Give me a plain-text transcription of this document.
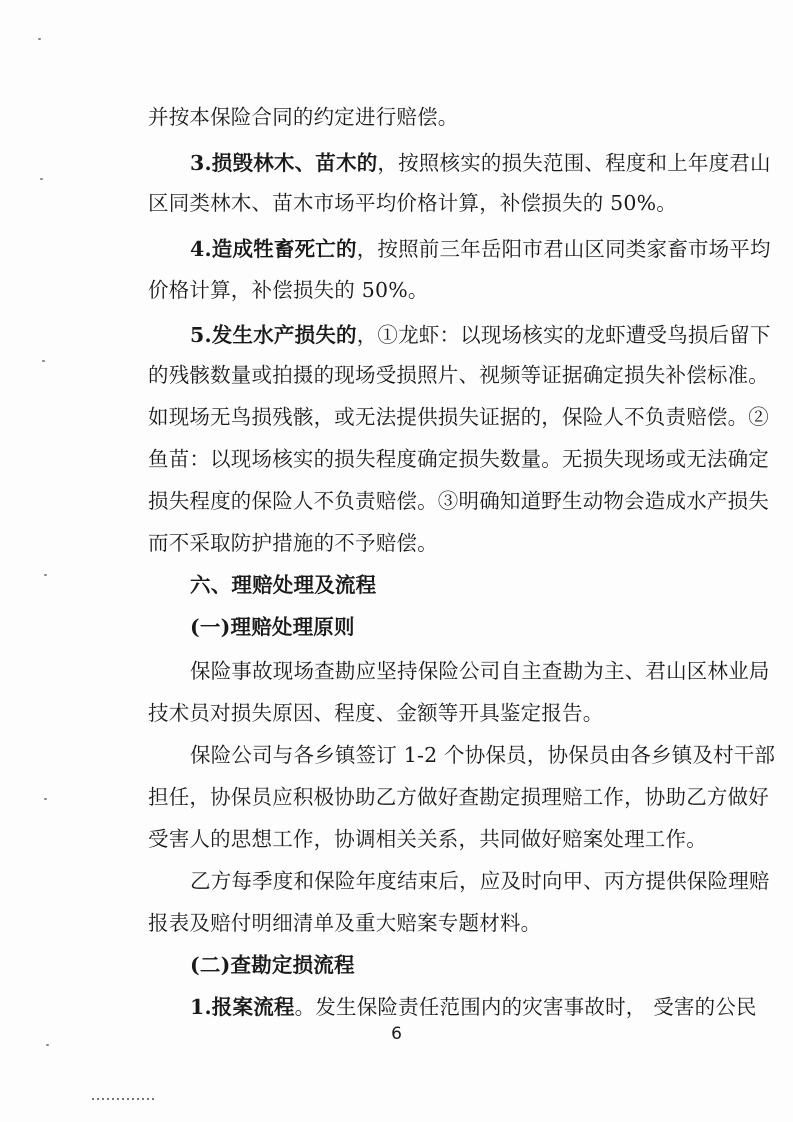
并按本保险合同的约定进行赔偿。
3.损毁林木、苗木的，按照核实的损失范围、程度和上年度君山
区同类林木、苗木市场平均价格计算，补偿损失的 50%。
4.造成牲畜死亡的，按照前三年岳阳市君山区同类家畜市场平均
价格计算，补偿损失的 50%。
5.发生水产损失的，①龙虾：以现场核实的龙虾遭受鸟损后留下
的残骸数量或拍摄的现场受损照片、视频等证据确定损失补偿标准。
如现场无鸟损残骸，或无法提供损失证据的，保险人不负责赔偿。②
鱼苗：以现场核实的损失程度确定损失数量。无损失现场或无法确定
损失程度的保险人不负责赔偿。③明确知道野生动物会造成水产损失
而不采取防护措施的不予赔偿。
六、理赔处理及流程
(一)理赔处理原则
保险事故现场查勘应坚持保险公司自主查勘为主、君山区林业局
技术员对损失原因、程度、金额等开具鉴定报告。
保险公司与各乡镇签订 1-2 个协保员，协保员由各乡镇及村干部
担任，协保员应积极协助乙方做好查勘定损理赔工作，协助乙方做好
受害人的思想工作，协调相关关系，共同做好赔案处理工作。
乙方每季度和保险年度结束后，应及时向甲、丙方提供保险理赔
报表及赔付明细清单及重大赔案专题材料。
(二)查勘定损流程
1.报案流程。发生保险责任范围内的灾害事故时， 受害的公民
6
